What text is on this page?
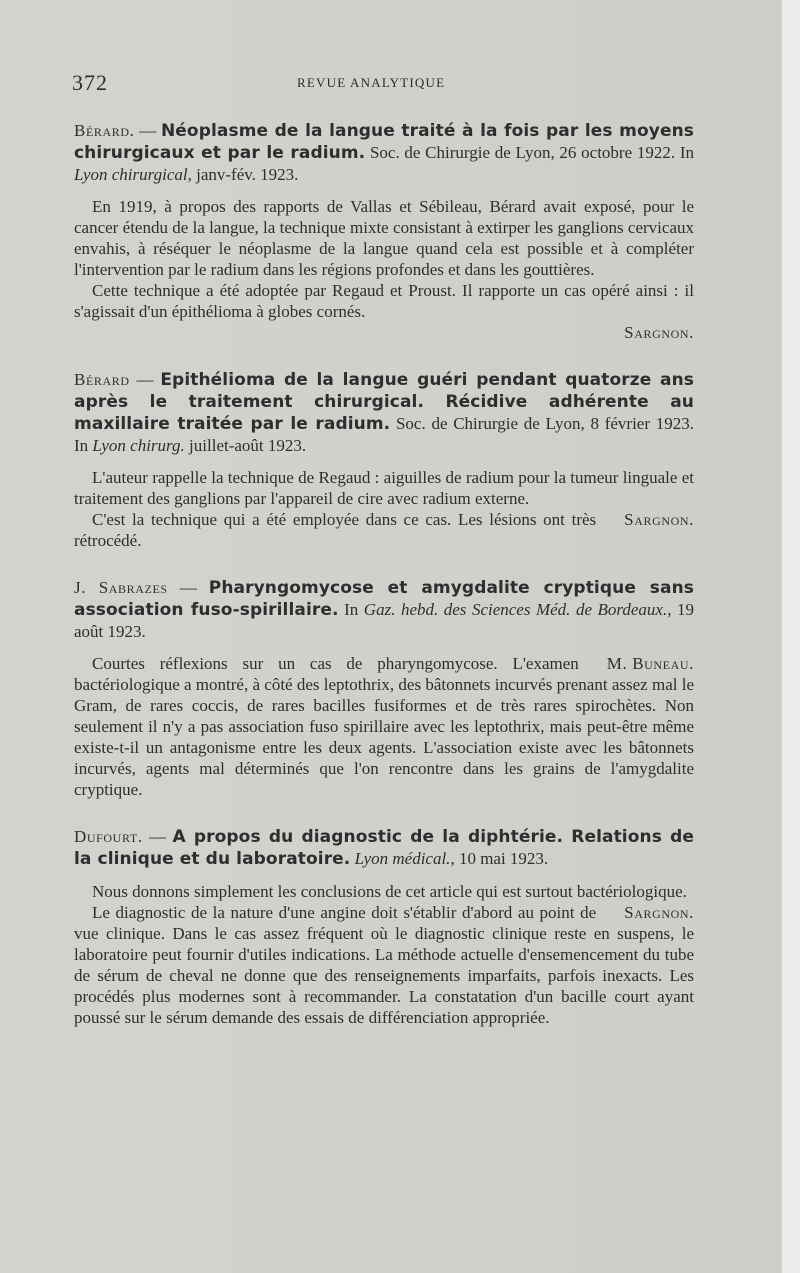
372	REVUE ANALYTIQUE

Bérard. — Néoplasme de la langue traité à la fois par les moyens chirurgicaux et par le radium. Soc. de Chirurgie de Lyon, 26 octobre 1922. In Lyon chirurgical, janv-fév. 1923.

En 1919, à propos des rapports de Vallas et Sébileau, Bérard avait exposé, pour le cancer étendu de la langue, la technique mixte consistant à extirper les ganglions cervicaux envahis, à réséquer le néoplasme de la langue quand cela est possible et à compléter l'intervention par le radium dans les régions profondes et dans les gouttières.

Cette technique a été adoptée par Regaud et Proust. Il rapporte un cas opéré ainsi : il s'agissait d'un épithélioma à globes cornés.

Sargnon.

Bérard — Epithélioma de la langue guéri pendant quatorze ans après le traitement chirurgical. Récidive adhérente au maxillaire traitée par le radium. Soc. de Chirurgie de Lyon, 8 février 1923. In Lyon chirurg. juillet-août 1923.

L'auteur rappelle la technique de Regaud : aiguilles de radium pour la tumeur linguale et traitement des ganglions par l'appareil de cire avec radium externe.

Sargnon.
C'est la technique qui a été employée dans ce cas. Les lésions ont très rétrocédé.

J. Sabrazes — Pharyngomycose et amygdalite cryptique sans association fuso-spirillaire. In Gaz. hebd. des Sciences Méd. de Bordeaux., 19 août 1923.

M. Buneau.
Courtes réflexions sur un cas de pharyngomycose. L'examen bactériologique a montré, à côté des leptothrix, des bâtonnets incurvés prenant assez mal le Gram, de rares coccis, de rares bacilles fusiformes et de très rares spirochètes. Non seulement il n'y a pas association fuso spirillaire avec les leptothrix, mais peut-être même existe-t-il un antagonisme entre les deux agents. L'association existe avec les bâtonnets incurvés, agents mal déterminés que l'on rencontre dans les grains de l'amygdalite cryptique.

Dufourt. — A propos du diagnostic de la diphtérie. Relations de la clinique et du laboratoire. Lyon médical., 10 mai 1923.

Nous donnons simplement les conclusions de cet article qui est surtout bactériologique.

Sargnon.
Le diagnostic de la nature d'une angine doit s'établir d'abord au point de vue clinique. Dans le cas assez fréquent où le diagnostic clinique reste en suspens, le laboratoire peut fournir d'utiles indications. La méthode actuelle d'ensemencement du tube de sérum de cheval ne donne que des renseignements imparfaits, parfois inexacts. Les procédés plus modernes sont à recommander. La constatation d'un bacille court ayant poussé sur le sérum demande des essais de différenciation appropriée.
